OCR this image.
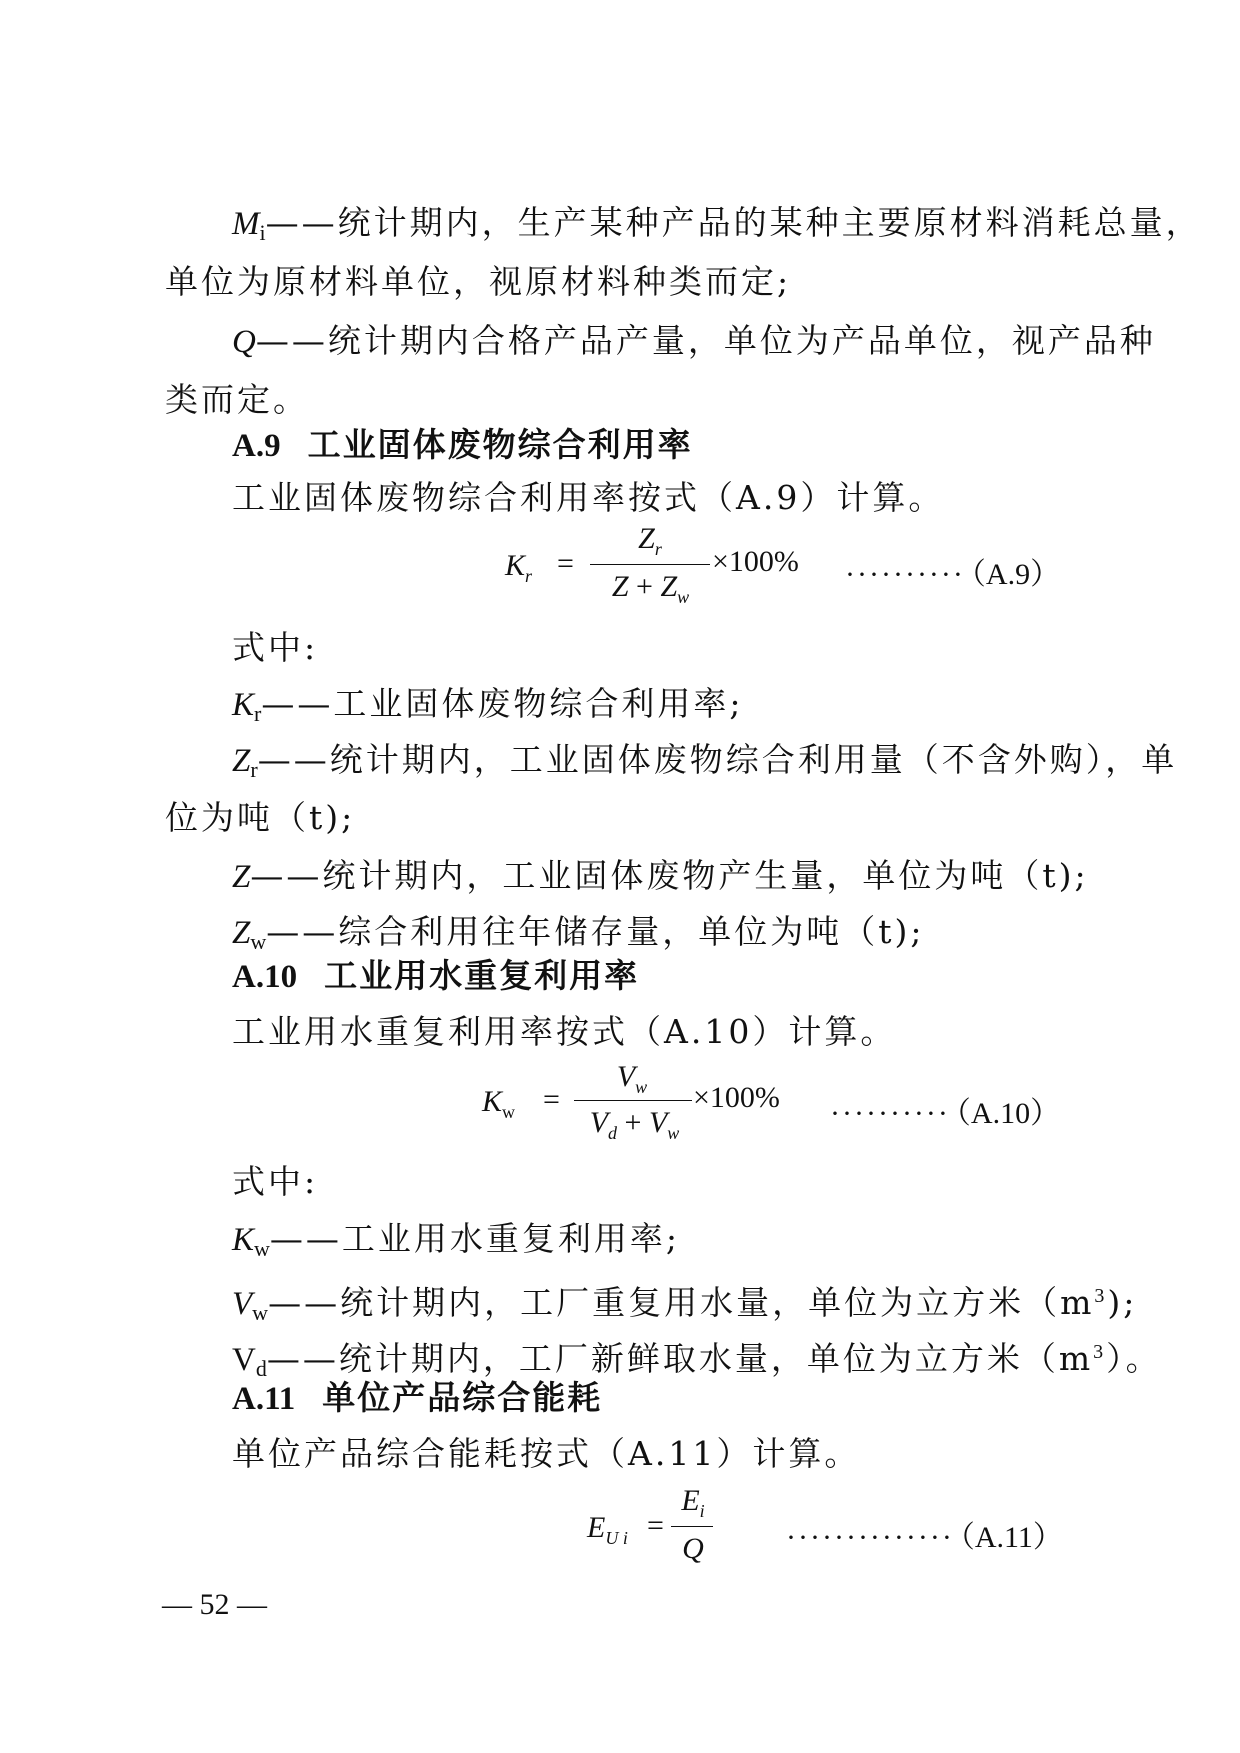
Mi——统计期内，生产某种产品的某种主要原材料消耗总量，
单位为原材料单位，视原材料种类而定;
Q——统计期内合格产品产量，单位为产品单位，视产品种
类而定。
A.9 工业固体废物综合利用率
工业固体废物综合利用率按式（A.9）计算。
$K_r$ =
$Z_r$
$Z + Z_w$
×100% ·········· （A.9）
式中:
Kr——工业固体废物综合利用率;
Zr——统计期内，工业固体废物综合利用量（不含外购），单
位为吨（t);
Z——统计期内，工业固体废物产生量，单位为吨（t);
Zw——综合利用往年储存量，单位为吨（t);
A.10 工业用水重复利用率
工业用水重复利用率按式（A.10）计算。
$K_w$ =
$V_w$
$V_d + V_w$
×100% ·········· （A.10）
式中:
Kw——工业用水重复利用率;
Vw——统计期内，工厂重复用水量，单位为立方米$(m^3)$;
Vd——统计期内，工厂新鲜取水量，单位为立方米$(m^3)$。
A.11 单位产品综合能耗
单位产品综合能耗按式（A.11）计算。
$E_{U i}$ =
$E_i$
Q	·············· （A.11）
— 52 —
